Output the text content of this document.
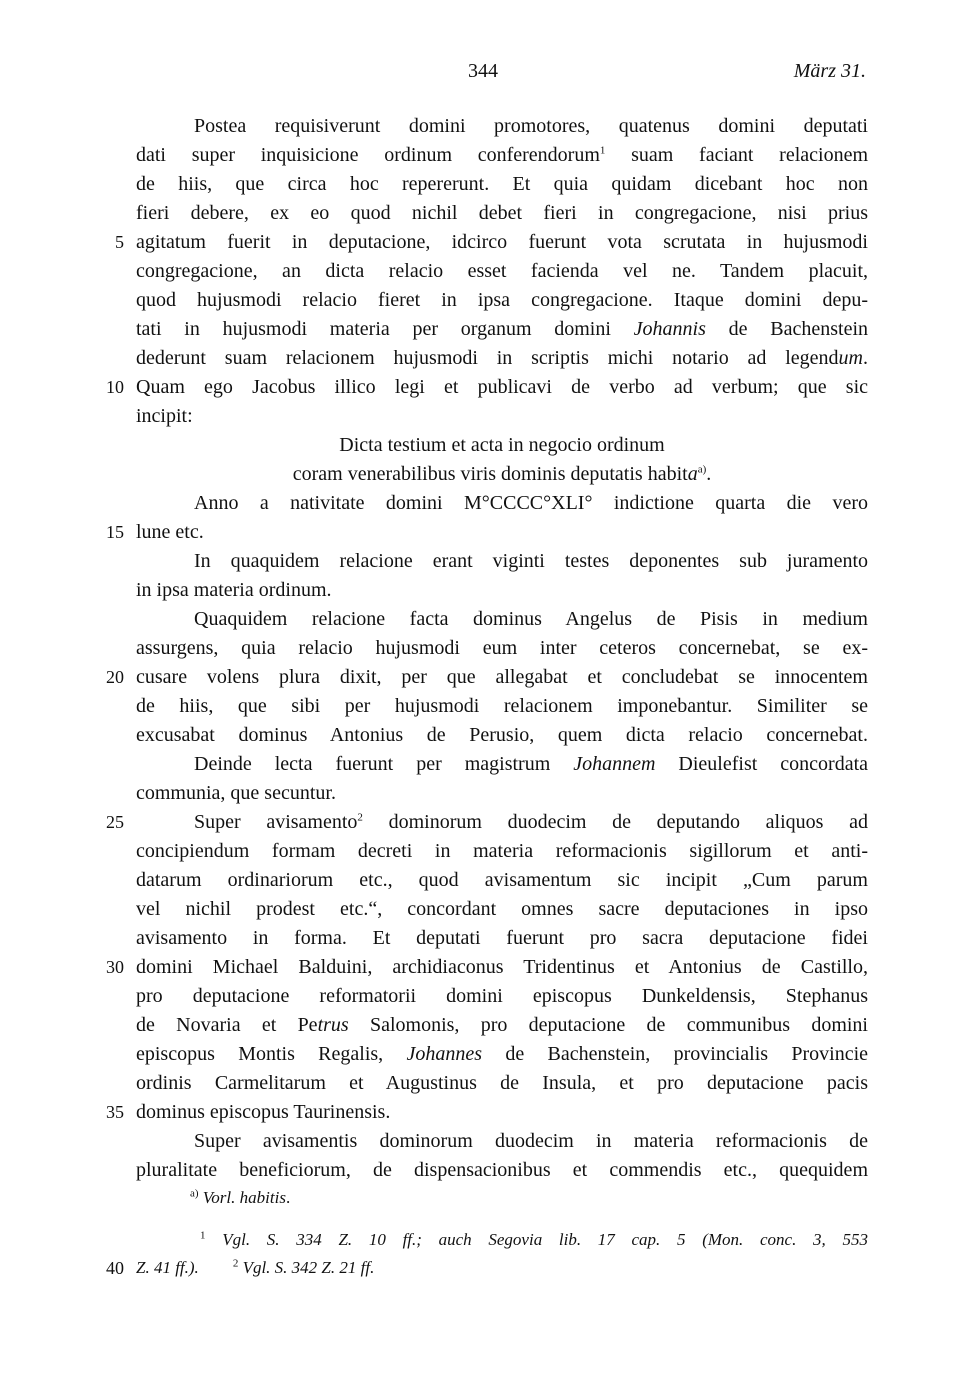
344	März 31.
Postea requisiverunt domini promotores, quatenus domini deputati
dati super inquisicione ordinum conferendorum$^1$ suam faciant relacionem
de hiis, que circa hoc repererunt. Et quia quidam dicebant hoc non
fieri debere, ex eo quod nichil debet fieri in congregacione, nisi prius
agitatum fuerit in deputacione, idcirco fuerunt vota scrutata in hujusmodi
congregacione, an dicta relacio esset facienda vel ne. Tandem placuit,
quod hujusmodi relacio fieret in ipsa congregacione. Itaque domini depu-
tati in hujusmodi materia per organum domini Johannis de Bachenstein
dederunt suam relacionem hujusmodi in scriptis michi notario ad legendum.
Quam ego Jacobus illico legi et publicavi de verbo ad verbum; que sic
incipit:
Dicta testium et acta in negocio ordinum
coram venerabilibus viris dominis deputatis habita$^{a)}$.
Anno a nativitate domini M°CCCC°XLI° indictione quarta die vero
lune etc.
In quaquidem relacione erant viginti testes deponentes sub juramento
in ipsa materia ordinum.
Quaquidem relacione facta dominus Angelus de Pisis in medium
assurgens, quia relacio hujusmodi eum inter ceteros concernebat, se ex-
cusare volens plura dixit, per que allegabat et concludebat se innocentem
de hiis, que sibi per hujusmodi relacionem imponebantur. Similiter se
excusabat dominus Antonius de Perusio, quem dicta relacio concernebat.
Deinde lecta fuerunt per magistrum Johannem Dieulefist concordata
communia, que secuntur.
Super avisamento$^2$ dominorum duodecim de deputando aliquos ad
concipiendum formam decreti in materia reformacionis sigillorum et anti-
datarum ordinariorum etc., quod avisamentum sic incipit „Cum parum
vel nichil prodest etc.“, concordant omnes sacre deputaciones in ipso
avisamento in forma. Et deputati fuerunt pro sacra deputacione fidei
domini Michael Balduini, archidiaconus Tridentinus et Antonius de Castillo,
pro deputacione reformatorii domini episcopus Dunkeldensis, Stephanus
de Novaria et Petrus Salomonis, pro deputacione de communibus domini
episcopus Montis Regalis, Johannes de Bachenstein, provincialis Provincie
ordinis Carmelitarum et Augustinus de Insula, et pro deputacione pacis
dominus episcopus Taurinensis.
Super avisamentis dominorum duodecim in materia reformacionis de
pluralitate beneficiorum, de dispensacionibus et commendis etc., quequidem
5
10
15
20
25
30
35
40
$^{a)}$ Vorl. habitis.
$^1$ Vgl. S. 334 Z. 10 ff.; auch Segovia lib. 17 cap. 5 (Mon. conc. 3, 553
Z. 41 ff.).	$^2$ Vgl. S. 342 Z. 21 ff.
